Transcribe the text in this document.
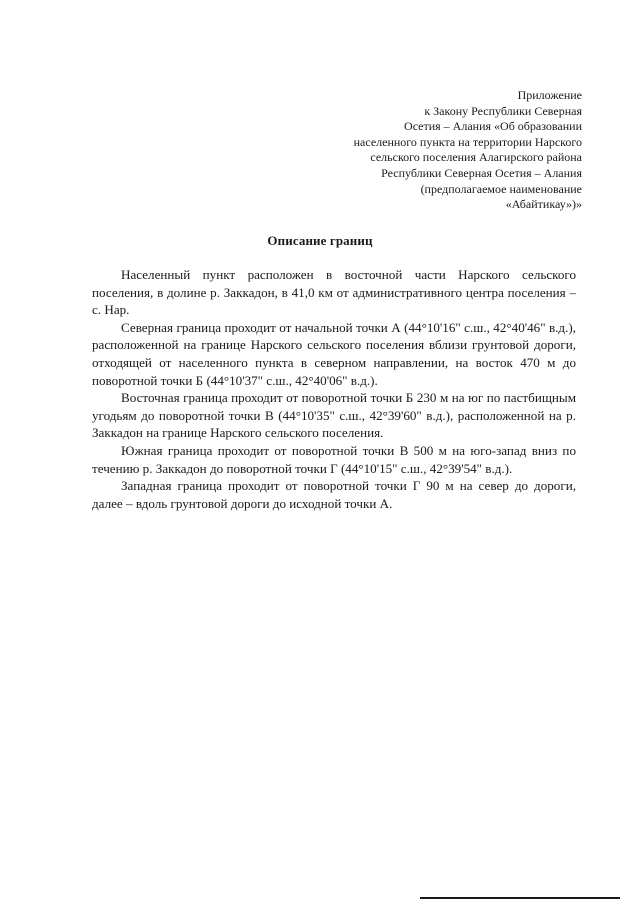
Приложение
к Закону Республики Северная
Осетия – Алания «Об образовании
населенного пункта на территории Нарского
сельского поселения Алагирского района
Республики Северная Осетия – Алания
(предполагаемое наименование
«Абайтикау»)»
Описание границ

Населенный пункт расположен в восточной части Нарского сельского поселения, в долине р. Заккадон, в 41,0 км от административного центра поселения – с. Нар.

Северная граница проходит от начальной точки А (44°10'16" с.ш., 42°40'46" в.д.), расположенной на границе Нарского сельского поселения вблизи грунтовой дороги, отходящей от населенного пункта в северном направлении, на восток 470 м до поворотной точки Б (44°10'37" с.ш., 42°40'06" в.д.).

Восточная граница проходит от поворотной точки Б 230 м на юг по пастбищным угодьям до поворотной точки В (44°10'35" с.ш., 42°39'60" в.д.), расположенной на р. Заккадон на границе Нарского сельского поселения.

Южная граница проходит от поворотной точки В 500 м на юго-запад вниз по течению р. Заккадон до поворотной точки Г (44°10'15" с.ш., 42°39'54" в.д.).

Западная граница проходит от поворотной точки Г 90 м на север до дороги, далее – вдоль грунтовой дороги до исходной точки А.
